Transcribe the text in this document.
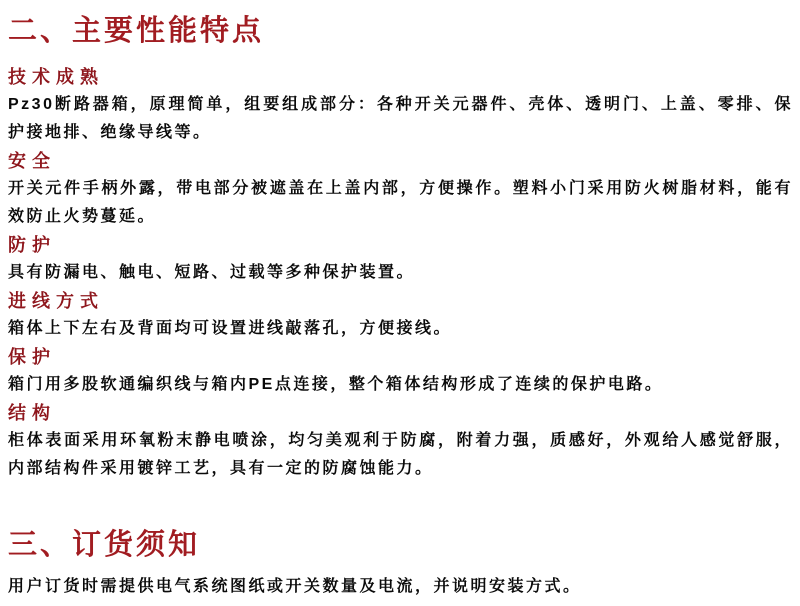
二、主要性能特点
技术成熟

Pz30断路器箱，原理简单，组要组成部分：各种开关元器件、壳体、透明门、上盖、零排、保护接地排、绝缘导线等。

安全

开关元件手柄外露，带电部分被遮盖在上盖内部，方便操作。塑料小门采用防火树脂材料，能有效防止火势蔓延。

防护

具有防漏电、触电、短路、过载等多种保护装置。

进线方式

箱体上下左右及背面均可设置进线敲落孔，方便接线。

保护

箱门用多股软通编织线与箱内PE点连接，整个箱体结构形成了连续的保护电路。

结构

柜体表面采用环氧粉末静电喷涂，均匀美观利于防腐，附着力强，质感好，外观给人感觉舒服，内部结构件采用镀锌工艺，具有一定的防腐蚀能力。

三、订货须知

用户订货时需提供电气系统图纸或开关数量及电流，并说明安装方式。
